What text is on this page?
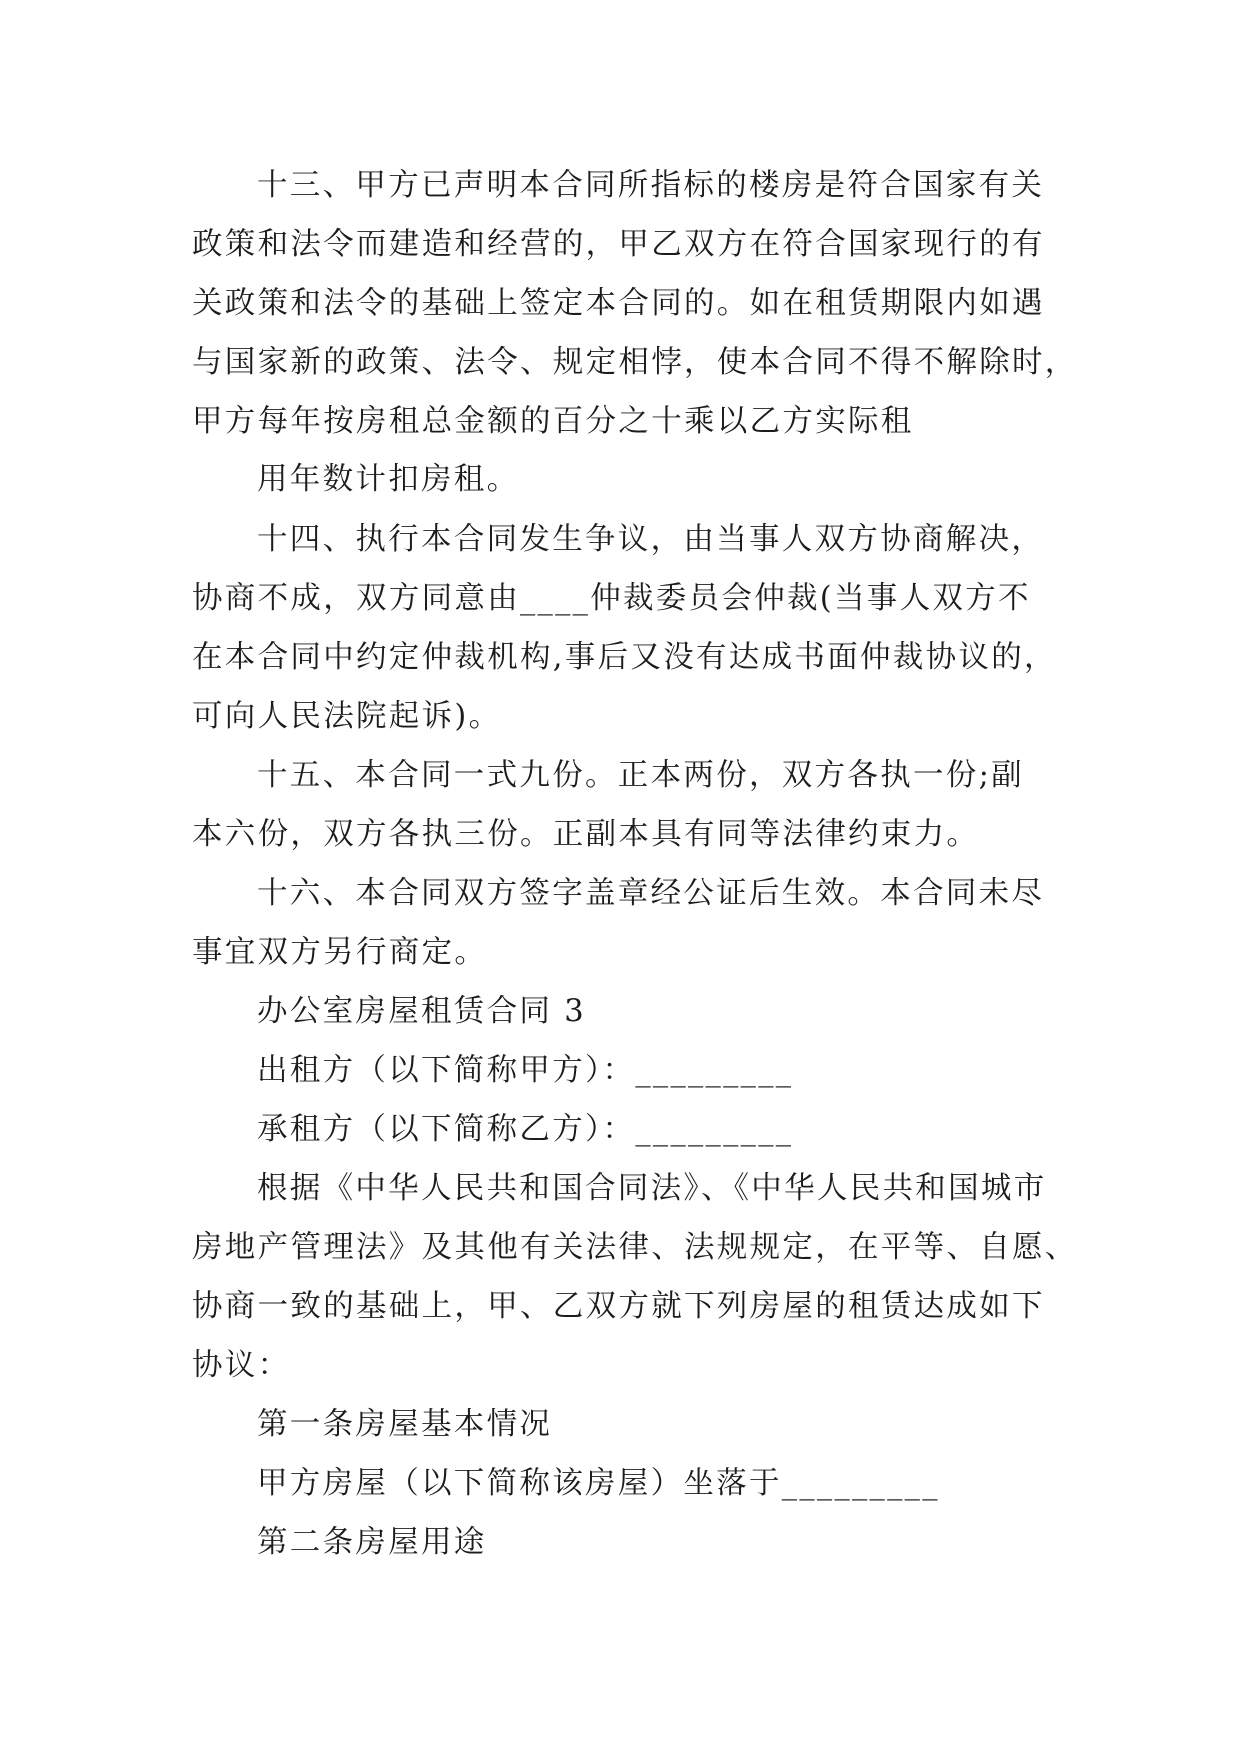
十三、甲方已声明本合同所指标的楼房是符合国家有关
政策和法令而建造和经营的，甲乙双方在符合国家现行的有
关政策和法令的基础上签定本合同的。如在租赁期限内如遇
与国家新的政策、法令、规定相悖，使本合同不得不解除时，
甲方每年按房租总金额的百分之十乘以乙方实际租
用年数计扣房租。
十四、执行本合同发生争议，由当事人双方协商解决，
协商不成，双方同意由____仲裁委员会仲裁(当事人双方不
在本合同中约定仲裁机构,事后又没有达成书面仲裁协议的，
可向人民法院起诉)。
十五、本合同一式九份。正本两份，双方各执一份;副
本六份，双方各执三份。正副本具有同等法律约束力。
十六、本合同双方签字盖章经公证后生效。本合同未尽
事宜双方另行商定。
办公室房屋租赁合同 3
出租方（以下简称甲方）：_________
承租方（以下简称乙方）：_________
根据《中华人民共和国合同法》、《中华人民共和国城市
房地产管理法》及其他有关法律、法规规定，在平等、自愿、
协商一致的基础上，甲、乙双方就下列房屋的租赁达成如下
协议：
第一条房屋基本情况
甲方房屋（以下简称该房屋）坐落于_________
第二条房屋用途
